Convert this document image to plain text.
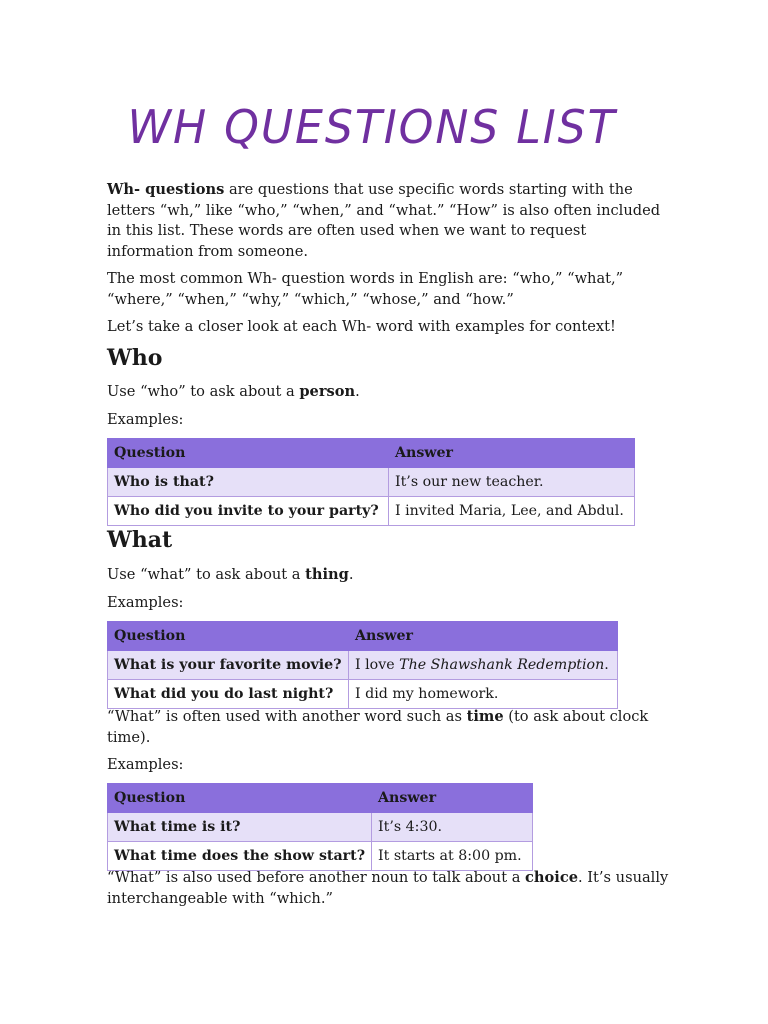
WH QUESTIONS LIST

Wh- questions are questions that use specific words starting with the letters “wh,” like “who,” “when,” and “what.” “How” is also often included in this list. These words are often used when we want to request information from someone.

The most common Wh- question words in English are: “who,” “what,” “where,” “when,” “why,” “which,” “whose,” and “how.”

Let’s take a closer look at each Wh- word with examples for context!

Who

Use “who” to ask about a person.

Examples:

Question	Answer
Who is that?	It’s our new teacher.
Who did you invite to your party?	I invited Maria, Lee, and Abdul.
What

Use “what” to ask about a thing.

Examples:

Question	Answer
What is your favorite movie?	I love The Shawshank Redemption.
What did you do last night?	I did my homework.

“What” is often used with another word such as time (to ask about clock time).

Examples:

Question	Answer
What time is it?	It’s 4:30.
What time does the show start?	It starts at 8:00 pm.

“What” is also used before another noun to talk about a choice. It’s usually interchangeable with “which.”
